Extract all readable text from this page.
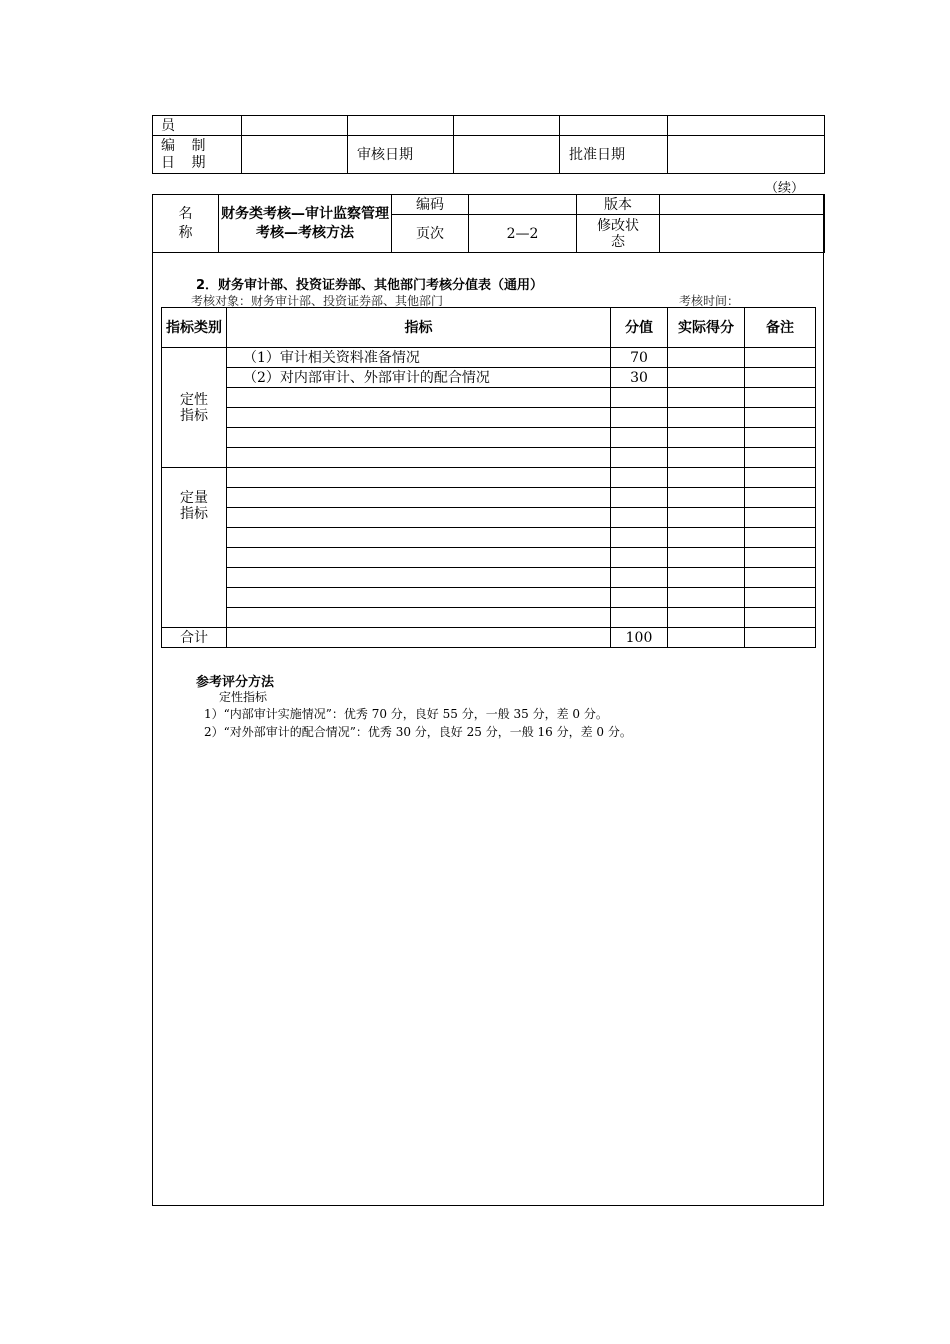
员					
编 制 日 期		审核日期		批准日期	
（续）
名 称	财务类考核—审计监察管理考核—考核方法	编码		版本	
		页次	2—2	修改状态	
2．财务审计部、投资证券部、其他部门考核分值表（通用）
考核对象：财务审计部、投资证券部、其他部门	考核时间：
指标类别	指标	分值	实际得分	备注
定性指标	（1）审计相关资料准备情况	70		
	（2）对内部审计、外部审计的配合情况	30		

定量指标				

合计		100		
参考评分方法
定性指标
1）“内部审计实施情况”：优秀 70 分，良好 55 分，一般 35 分，差 0 分。
2）“对外部审计的配合情况”：优秀 30 分，良好 25 分，一般 16 分，差 0 分。
